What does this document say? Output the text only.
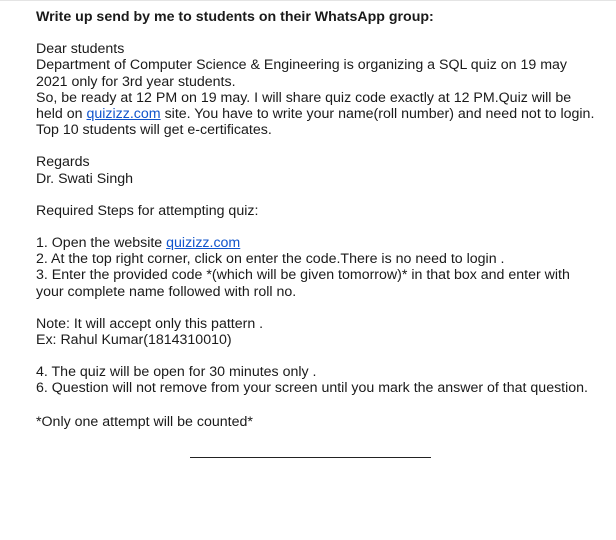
Write up send by me to students on their WhatsApp group:
Dear students
Department of Computer Science & Engineering is organizing a SQL quiz on 19 may 2021 only for 3rd year students.
So, be ready at 12 PM on 19 may. I will share quiz code exactly at 12 PM.Quiz will be held on quizizz.com site. You have to write your name(roll number) and need not to login.
Top 10 students will get e-certificates.
Regards
Dr. Swati Singh
Required Steps for attempting quiz:
1. Open the website quizizz.com
2. At the top right corner, click on enter the code.There is no need to login .
3. Enter the provided code *(which will be given tomorrow)* in that box and enter with your complete name followed with roll no.
Note: It will accept only this pattern .
Ex: Rahul Kumar(1814310010)
4. The quiz will be open for 30 minutes only .
6. Question will not remove from your screen until you mark the answer of that question.
*Only one attempt will be counted*
